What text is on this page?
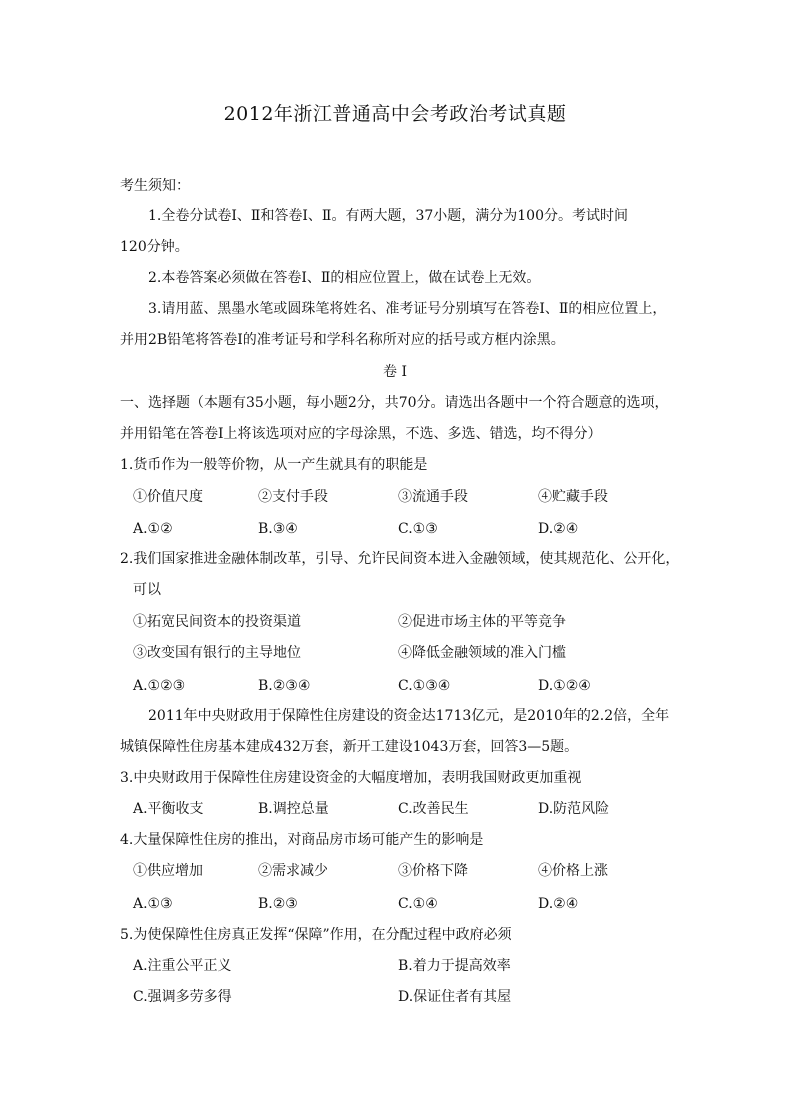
2012年浙江普通高中会考政治考试真题
考生须知：
1.全卷分试卷Ⅰ、Ⅱ和答卷Ⅰ、Ⅱ。有两大题，37小题，满分为100分。考试时间
120分钟。
2.本卷答案必须做在答卷Ⅰ、Ⅱ的相应位置上，做在试卷上无效。
3.请用蓝、黑墨水笔或圆珠笔将姓名、准考证号分别填写在答卷Ⅰ、Ⅱ的相应位置上，
并用2B铅笔将答卷Ⅰ的准考证号和学科名称所对应的括号或方框内涂黑。
卷 Ⅰ
一、选择题（本题有35小题，每小题2分，共70分。请选出各题中一个符合题意的选项，
并用铅笔在答卷Ⅰ上将该选项对应的字母涂黑，不选、多选、错选，均不得分）
1.货币作为一般等价物，从一产生就具有的职能是
①价值尺度	②支付手段	③流通手段	④贮藏手段
A.①②	B.③④	C.①③	D.②④
2.我们国家推进金融体制改革，引导、允许民间资本进入金融领域，使其规范化、公开化，
可以
①拓宽民间资本的投资渠道	②促进市场主体的平等竞争
③改变国有银行的主导地位	④降低金融领域的准入门槛
A.①②③	B.②③④	C.①③④	D.①②④
2011年中央财政用于保障性住房建设的资金达1713亿元，是2010年的2.2倍，全年
城镇保障性住房基本建成432万套，新开工建设1043万套，回答3—5题。
3.中央财政用于保障性住房建设资金的大幅度增加，表明我国财政更加重视
A.平衡收支	B.调控总量	C.改善民生	D.防范风险
4.大量保障性住房的推出，对商品房市场可能产生的影响是
①供应增加	②需求减少	③价格下降	④价格上涨
A.①③	B.②③	C.①④	D.②④
5.为使保障性住房真正发挥“保障”作用，在分配过程中政府必须
A.注重公平正义	B.着力于提高效率
C.强调多劳多得	D.保证住者有其屋
